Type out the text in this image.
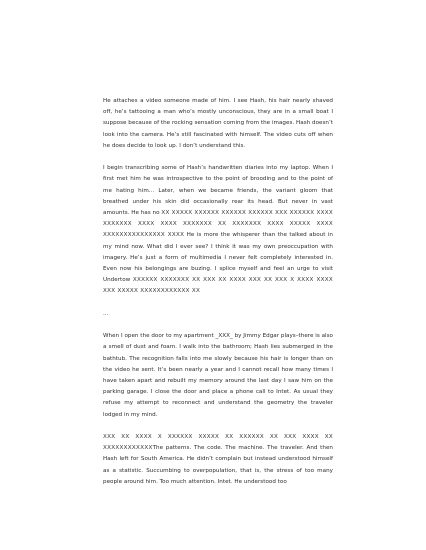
He attaches a video someone made of him. I see Hash, his hair nearly shaved off, he’s tattooing a man who’s mostly unconscious, they are in a small boat I suppose because of the rocking sensation coming from the images. Hash doesn’t look into the camera. He’s still fascinated with himself. The video cuts off when he does decide to look up. I don’t understand this.

I begin transcribing some of Hash’s handwritten diaries into my laptop. When I first met him he was introspective to the point of brooding and to the point of me hating him... Later, when we became friends, the variant gloom that breathed under his skin did occasionally rear its head. But never in vast amounts. He has no XX XXXXX XXXXXX XXXXXX XXXXXX XXX XXXXXX XXXX XXXXXXX XXXX XXXX XXXXXXX XX XXXXXXX XXXX XXXXX XXXX XXXXXXXXXXXXXXX XXXX He is more the whisperer than the talked about in my mind now. What did I ever see? I think it was my own preoccupation with imagery. He’s just a form of multimedia I never felt completely interested in. Even now his belongings are buzing. I splice myself and feel an urge to visit Undertow XXXXXX XXXXXXX XX XXX XX XXXX XXX XX XXX X XXXX XXXX XXX XXXXX XXXXXXXXXXXX XX

...

When I open the door to my apartment _XXX_ by Jimmy Edgar plays–there is also a smell of dust and foam. I walk into the bathroom; Hash lies submerged in the bathtub. The recognition falls into me slowly because his hair is longer than on the video he sent. It’s been nearly a year and I cannot recall how many times I have taken apart and rebuilt my memory around the last day I saw him on the parking garage. I close the door and place a phone call to Intet. As usual they refuse my attempt to reconnect and understand the geometry the traveler lodged in my mind.

XXX XX XXXX X XXXXXX XXXXX XX XXXXXX XX XXX XXXX XX XXXXXXXXXXXXThe patterns. The code. The machine. The traveler. And then Hash left for South America. He didn’t complain but instead understood himself as a statistic. Succumbing to overpopulation, that is, the stress of too many people around him. Too much attention. Intet. He understood too
